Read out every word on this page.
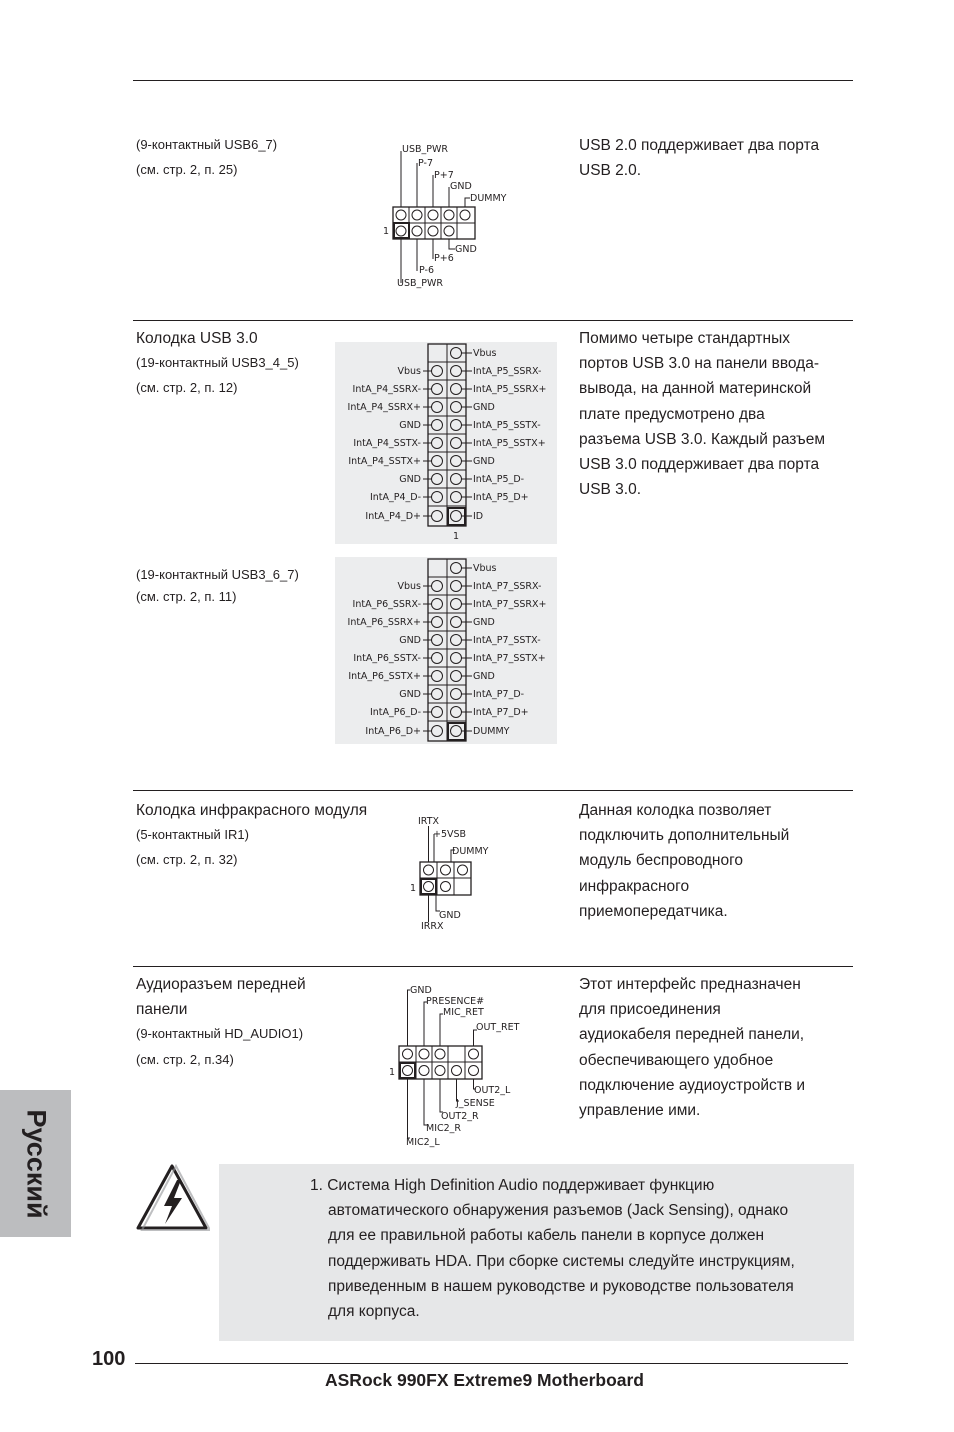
(9-контактный USB6_7)
(см. стр. 2, п. 25)
USB 2.0 поддерживает два порта
USB 2.0.
USB_PWR
P-7
P+7
GND
DUMMY
GND
P+6
P-6
USB_PWR
1
Колодка USB 3.0
(19-контактный USB3_4_5)
(см. стр. 2, п. 12)
Помимо четыре стандартных
портов USB 3.0 на панели ввода-
вывода, на данной материнской
плате предусмотрено два
разъема USB 3.0. Каждый разъем
USB 3.0 поддерживает два порта
USB 3.0.
Vbus
IntA_P5_SSRX-
IntA_P5_SSRX+
GND
IntA_P5_SSTX-
IntA_P5_SSTX+
GND
IntA_P5_D-
IntA_P5_D+
ID
Vbus
IntA_P4_SSRX-
IntA_P4_SSRX+
GND
IntA_P4_SSTX-
IntA_P4_SSTX+
GND
IntA_P4_D-
IntA_P4_D+
1
(19-контактный USB3_6_7)
(см. стр. 2, п. 11)
Vbus
IntA_P7_SSRX-
IntA_P7_SSRX+
GND
IntA_P7_SSTX-
IntA_P7_SSTX+
GND
IntA_P7_D-
IntA_P7_D+
DUMMY
Vbus
IntA_P6_SSRX-
IntA_P6_SSRX+
GND
IntA_P6_SSTX-
IntA_P6_SSTX+
GND
IntA_P6_D-
IntA_P6_D+
Колодка инфракрасного модуля
(5-контактный IR1)
(см. стр. 2, п. 32)
Данная колодка позволяет
подключить дополнительный
модуль беспроводного
инфракрасного
приемопередатчика.
IRTX
+5VSB
DUMMY
GND
IRRX
1
Аудиоразъем передней
панели
(9-контактный HD_AUDIO1)
(см. стр. 2, п.34)
Этот интерфейс предназначен
для присоединения
аудиокабеля передней панели,
обеспечивающего удобное
подключение аудиоустройств и
управление ими.
GND
PRESENCE#
MIC_RET
OUT_RET
OUT2_L
J_SENSE
OUT2_R
MIC2_R
MIC2_L
1
1. Система High Definition Audio поддерживает функцию
автоматического обнаружения разъемов (Jack Sensing), однако
для ее правильной работы кабель панели в корпусе должен
поддерживать HDA. При сборке системы следуйте инструкциям,
приведенным в нашем руководстве и руководстве пользователя
для корпуса.
Русский
100
ASRock 990FX Extreme9 Motherboard
